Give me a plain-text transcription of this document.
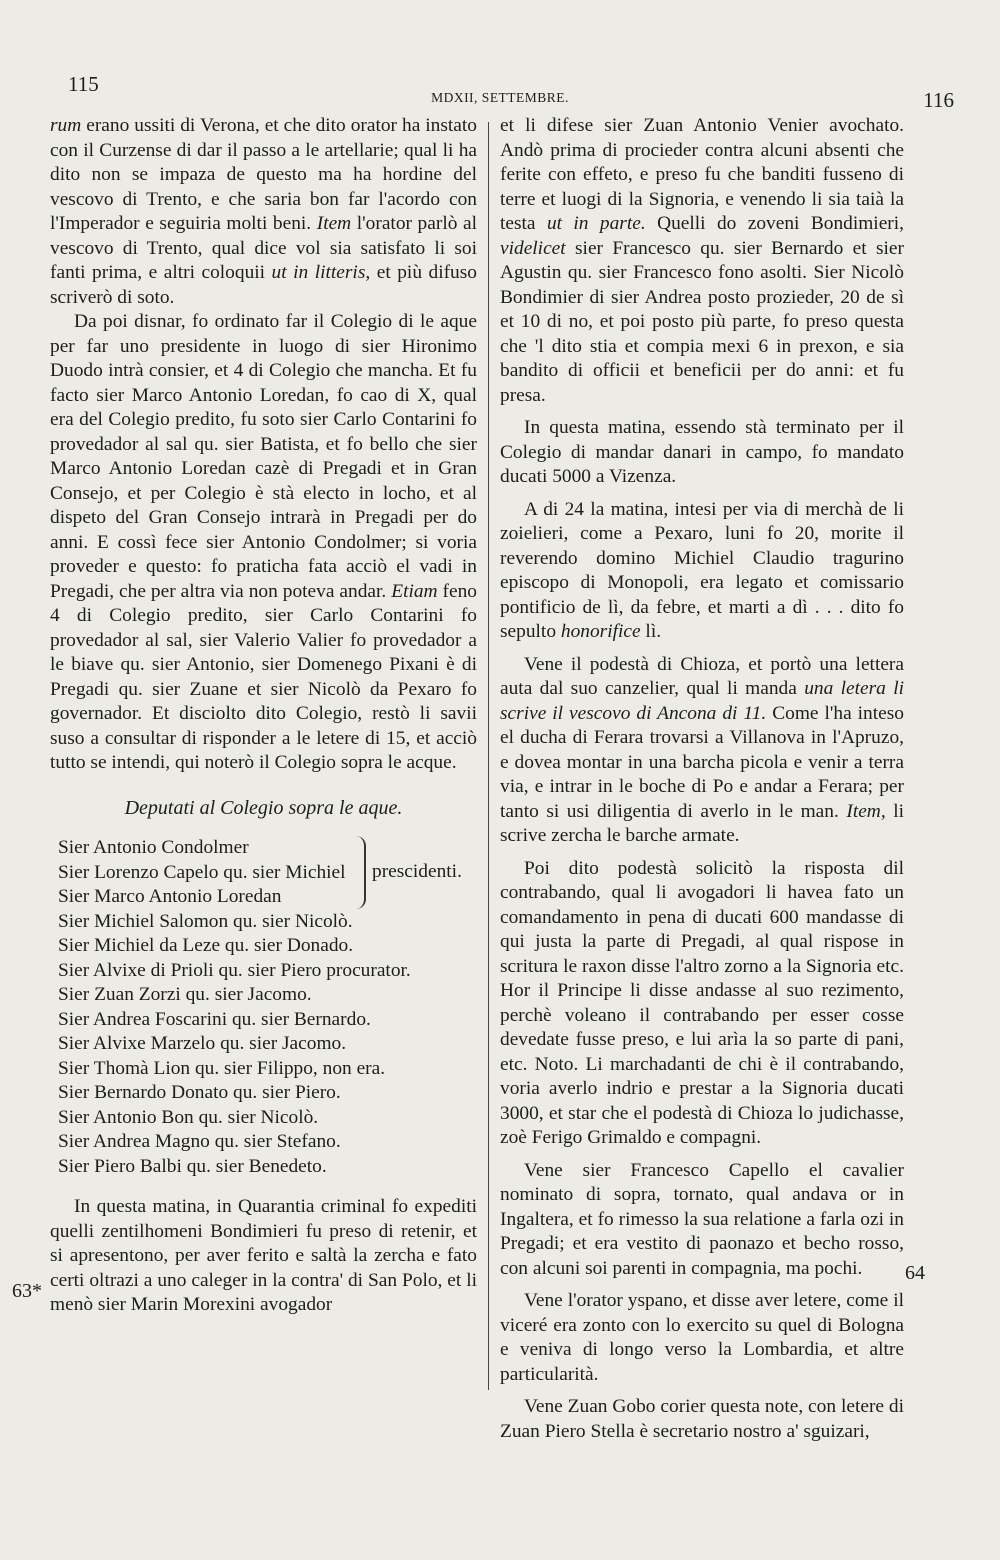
115
MDXII, SETTEMBRE.	116

rum erano ussiti di Verona, et che dito orator ha instato con il Curzense di dar il passo a le artellarie; qual li ha dito non se impaza de questo ma ha hordine del vescovo di Trento, e che saria bon far l'acordo con l'Imperador e seguiria molti beni. Item l'orator parlò al vescovo di Trento, qual dice vol sia satisfato li soi fanti prima, e altri coloquii ut in litteris, et più difuso scriverò di soto.

Da poi disnar, fo ordinato far il Colegio di le aque per far uno presidente in luogo di sier Hironimo Duodo intrà consier, et 4 di Colegio che mancha. Et fu facto sier Marco Antonio Loredan, fo cao di X, qual era del Colegio predito, fu soto sier Carlo Contarini fo provedador al sal qu. sier Batista, et fo bello che sier Marco Antonio Loredan cazè di Pregadi et in Gran Consejo, et per Colegio è stà electo in locho, et al dispeto del Gran Consejo intrarà in Pregadi per do anni. E cossì fece sier Antonio Condolmer; si voria proveder e questo: fo praticha fata acciò el vadi in Pregadi, che per altra via non poteva andar. Etiam feno 4 di Colegio predito, sier Carlo Contarini fo provedador al sal, sier Valerio Valier fo provedador a le biave qu. sier Antonio, sier Domenego Pixani è di Pregadi qu. sier Zuane et sier Nicolò da Pexaro fo governador. Et disciolto dito Colegio, restò li savii suso a consultar di risponder a le letere di 15, et acciò tutto se intendi, qui noterò il Colegio sopra le acque.

Deputati al Colegio sopra le aque.
Sier Antonio Condolmer
Sier Lorenzo Capelo qu. sier Michiel
Sier Marco Antonio Loredan
prescidenti.
Sier Michiel Salomon qu. sier Nicolò.
Sier Michiel da Leze qu. sier Donado.
Sier Alvixe di Prioli qu. sier Piero procurator.
Sier Zuan Zorzi qu. sier Jacomo.
Sier Andrea Foscarini qu. sier Bernardo.
Sier Alvixe Marzelo qu. sier Jacomo.
Sier Thomà Lion qu. sier Filippo, non era.
Sier Bernardo Donato qu. sier Piero.
Sier Antonio Bon qu. sier Nicolò.
Sier Andrea Magno qu. sier Stefano.
Sier Piero Balbi qu. sier Benedeto.

In questa matina, in Quarantia criminal fo expediti quelli zentilhomeni Bondimieri fu preso di retenir, et si apresentono, per aver ferito e saltà la zercha e fato certi oltrazi a uno caleger in la contra' di San Polo, et li menò sier Marin Morexini avogador

et li difese sier Zuan Antonio Venier avochato. Andò prima di procieder contra alcuni absenti che ferite con effeto, e preso fu che banditi fusseno di terre et luogi di la Signoria, e venendo li sia taià la testa ut in parte. Quelli do zoveni Bondimieri, videlicet sier Francesco qu. sier Bernardo et sier Agustin qu. sier Francesco fono asolti. Sier Nicolò Bondimier di sier Andrea posto prozieder, 20 de sì et 10 di no, et poi posto più parte, fo preso questa che 'l dito stia et compia mexi 6 in prexon, e sia bandito di officii et beneficii per do anni: et fu presa.

In questa matina, essendo stà terminato per il Colegio di mandar danari in campo, fo mandato ducati 5000 a Vizenza.

A di 24 la matina, intesi per via di merchà de li zoielieri, come a Pexaro, luni fo 20, morite il reverendo domino Michiel Claudio tragurino episcopo di Monopoli, era legato et comissario pontificio de lì, da febre, et marti a dì . . . dito fo sepulto honorifice lì.

Vene il podestà di Chioza, et portò una lettera auta dal suo canzelier, qual li manda una letera li scrive il vescovo di Ancona di 11. Come l'ha inteso el ducha di Ferara trovarsi a Villanova in l'Apruzo, e dovea montar in una barcha picola e venir a terra via, e intrar in le boche di Po e andar a Ferara; per tanto si usi diligentia di averlo in le man. Item, li scrive zercha le barche armate.

Poi dito podestà solicitò la risposta dil contrabando, qual li avogadori li havea fato un comandamento in pena di ducati 600 mandasse di qui justa la parte di Pregadi, al qual rispose in scritura le raxon disse l'altro zorno a la Signoria etc. Hor il Principe li disse andasse al suo rezimento, perchè voleano il contrabando per esser cosse devedate fusse preso, e lui arìa la so parte di pani, etc. Noto. Li marchadanti de chi è il contrabando, voria averlo indrio e prestar a la Signoria ducati 3000, et star che el podestà di Chioza lo judichasse, zoè Ferigo Grimaldo e compagni.

Vene sier Francesco Capello el cavalier nominato di sopra, tornato, qual andava or in Ingaltera, et fo rimesso la sua relatione a farla ozi in Pregadi; et era vestito di paonazo et becho rosso, con alcuni soi parenti in compagnia, ma pochi.

Vene l'orator yspano, et disse aver letere, come il viceré era zonto con lo exercito su quel di Bologna e veniva di longo verso la Lombardia, et altre particularità.

Vene Zuan Gobo corier questa note, con letere di Zuan Piero Stella è secretario nostro a' sguizari,

63*
64
